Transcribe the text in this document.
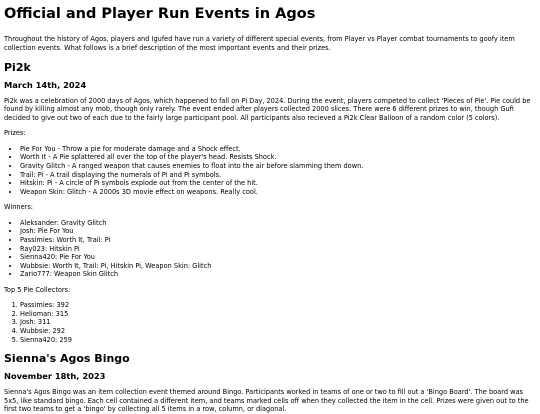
Official and Player Run Events in Agos

Throughout the history of Agos, players and Igufed have run a variety of different special events, from Player vs Player combat tournaments to goofy item collection events. What follows is a brief description of the most important events and their prizes.

Pi2k
March 14th, 2024

Pi2k was a celebration of 2000 days of Agos, which happened to fall on Pi Day, 2024. During the event, players competed to collect 'Pieces of Pie'. Pie could be found by killing almost any mob, though only rarely. The event ended after players collected 2000 slices. There were 6 different prizes to win, though Gufi decided to give out two of each due to the fairly large participant pool. All participants also recieved a Pi2k Clear Balloon of a random color (5 colors).

Prizes:

• Pie For You - Throw a pie for moderate damage and a Shock effect.
• Worth It - A Pie splattered all over the top of the player's head. Resists Shock.
• Gravity Glitch - A ranged weapon that causes enemies to float into the air before slamming them down.
• Trail: Pi - A trail displaying the numerals of Pi and Pi symbols.
• Hitskin: Pi - A circle of Pi symbols explode out from the center of the hit.
• Weapon Skin: Glitch - A 2000s 3D movie effect on weapons. Really cool.

Winners:

• Aleksander: Gravity Glitch
• Josh: Pie For You
• Passimies: Worth It, Trail: Pi
• Ray023: Hitskin Pi
• Sienna420: Pie For You
• Wubbsie: Worth It, Trail: Pi, Hitskin Pi, Weapon Skin: Glitch
• Zario777: Weapon Skin Glitch

Top 5 Pie Collectors:

1. Passimies: 392
2. Helioman: 315
3. Josh: 311
4. Wubbsie: 292
5. Sienna420: 259
Sienna's Agos Bingo
November 18th, 2023

Sienna's Agos Bingo was an item collection event themed around Bingo. Participants worked in teams of one or two to fill out a 'Bingo Board'. The board was 5x5, like standard bingo. Each cell contained a different item, and teams marked cells off when they collected the item in the cell. Prizes were given out to the first two teams to get a 'bingo' by collecting all 5 items in a row, column, or diagonal.
